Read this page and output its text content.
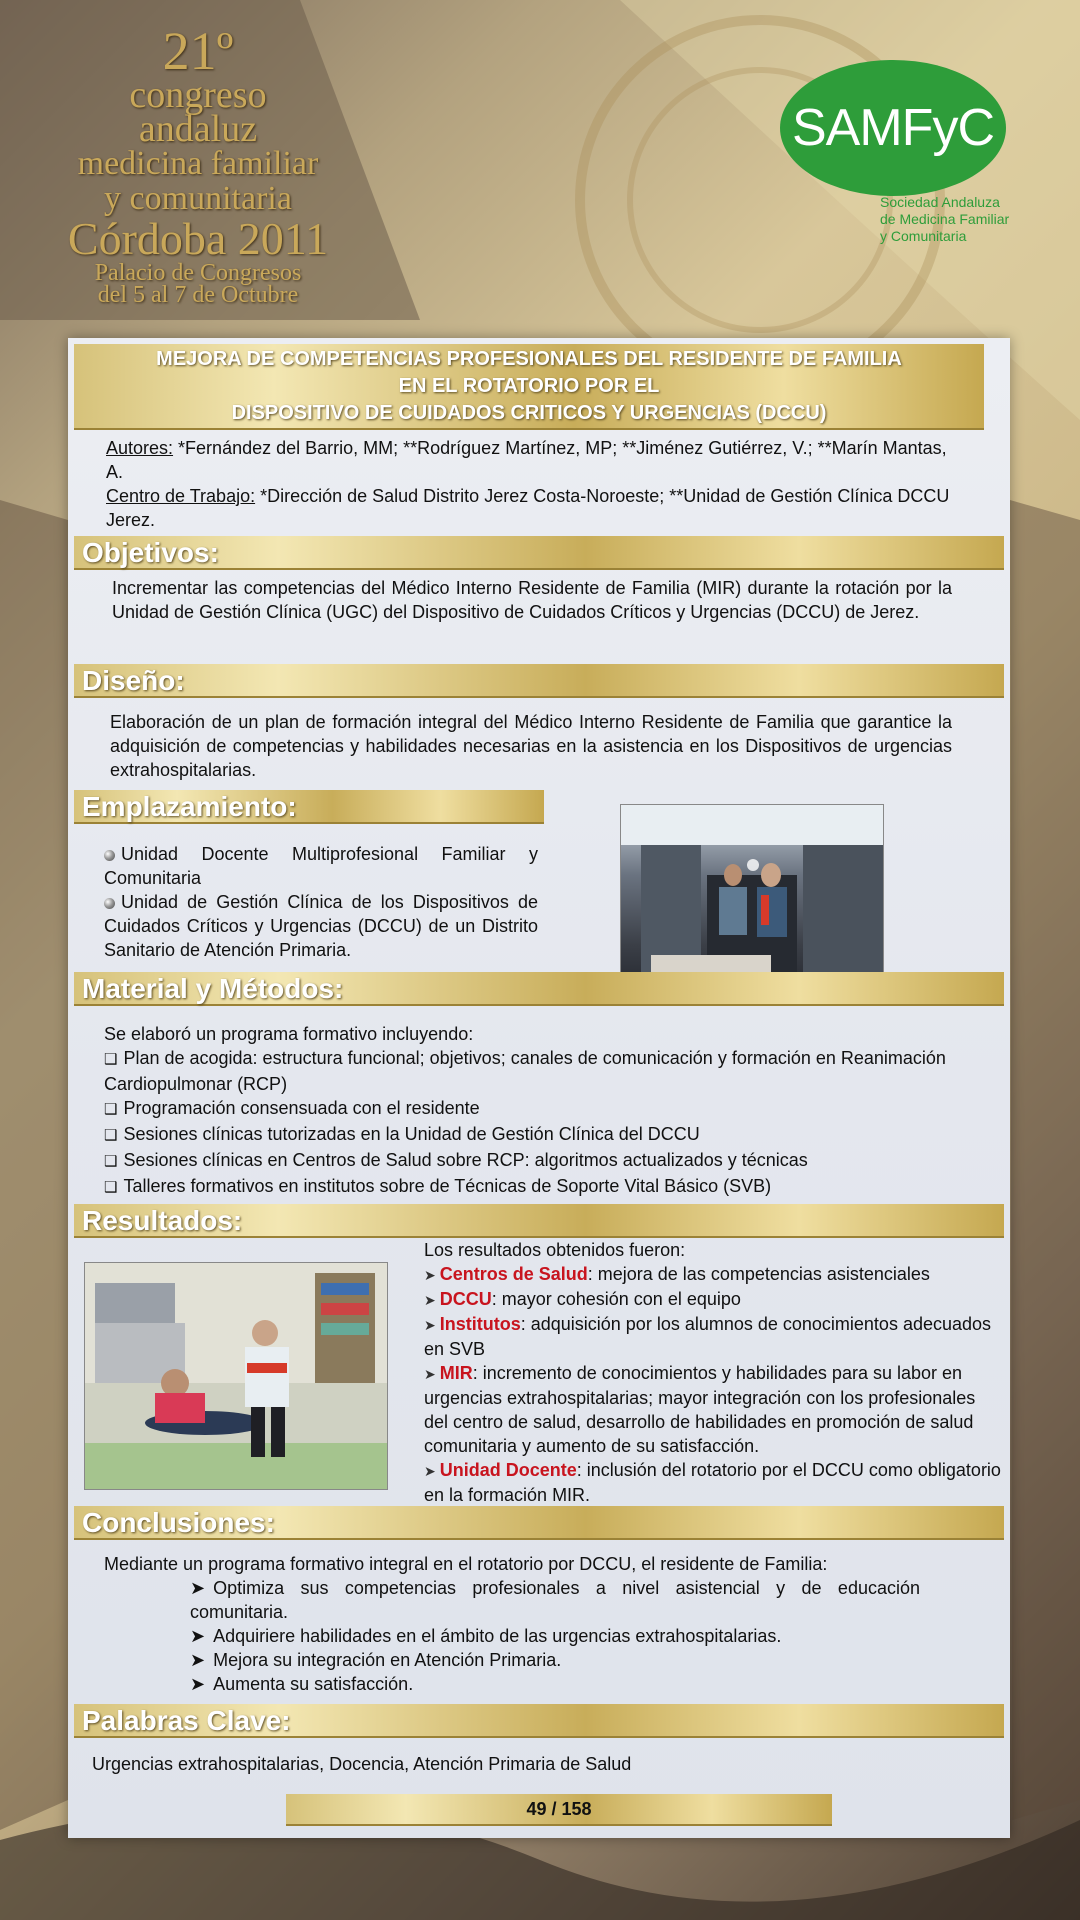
21º
congreso
andaluz
medicina familiar
y comunitaria
Córdoba 2011
Palacio de Congresos
del 5 al 7 de Octubre
SAMFyC
Sociedad Andaluza
de Medicina Familiar
y Comunitaria
MEJORA DE COMPETENCIAS PROFESIONALES DEL RESIDENTE DE FAMILIA
EN EL ROTATORIO POR EL
DISPOSITIVO DE CUIDADOS CRITICOS Y URGENCIAS (DCCU)
Autores: *Fernández del Barrio, MM; **Rodríguez Martínez, MP; **Jiménez Gutiérrez, V.; **Marín Mantas, A.
Centro de Trabajo: *Dirección de Salud Distrito Jerez Costa-Noroeste; **Unidad de Gestión Clínica DCCU Jerez.
Objetivos:
Incrementar las competencias del Médico Interno Residente de Familia (MIR) durante la rotación por la Unidad de Gestión Clínica (UGC) del Dispositivo de Cuidados Críticos y Urgencias (DCCU) de Jerez.
Diseño:
Elaboración de un plan de formación integral del Médico Interno Residente de Familia que garantice la adquisición de competencias y habilidades necesarias en la asistencia en los Dispositivos de urgencias extrahospitalarias.
Emplazamiento:
Unidad Docente Multiprofesional Familiar y Comunitaria
Unidad de Gestión Clínica de los Dispositivos de Cuidados Críticos y Urgencias (DCCU) de un Distrito Sanitario de Atención Primaria.
Material y Métodos:
Se elaboró un programa formativo incluyendo:
❑ Plan de acogida: estructura funcional; objetivos; canales de comunicación y formación en Reanimación Cardiopulmonar (RCP)
❑ Programación consensuada con el residente
❑ Sesiones clínicas tutorizadas en la Unidad de Gestión Clínica del DCCU
❑ Sesiones clínicas en Centros de Salud sobre RCP: algoritmos actualizados y técnicas
❑ Talleres formativos en institutos sobre de Técnicas de Soporte Vital Básico (SVB)
Resultados:
Los resultados obtenidos fueron:
➤ Centros de Salud: mejora de las competencias asistenciales
➤ DCCU: mayor cohesión con el equipo
➤ Institutos: adquisición por los alumnos de conocimientos adecuados en SVB
➤ MIR: incremento de conocimientos y habilidades para su labor en urgencias extrahospitalarias; mayor integración con los profesionales del centro de salud, desarrollo de habilidades en promoción de salud comunitaria y aumento de su satisfacción.
➤ Unidad Docente: inclusión del rotatorio por el DCCU como obligatorio en la formación MIR.
Conclusiones:
Mediante un programa formativo integral en el rotatorio por DCCU, el residente de Familia:
➤ Optimiza sus competencias profesionales a nivel asistencial y de educación comunitaria.
➤ Adquiriere habilidades en el ámbito de las urgencias extrahospitalarias.
➤ Mejora su integración en Atención Primaria.
➤ Aumenta su satisfacción.
Palabras Clave:
Urgencias extrahospitalarias, Docencia, Atención Primaria de Salud
49 / 158
